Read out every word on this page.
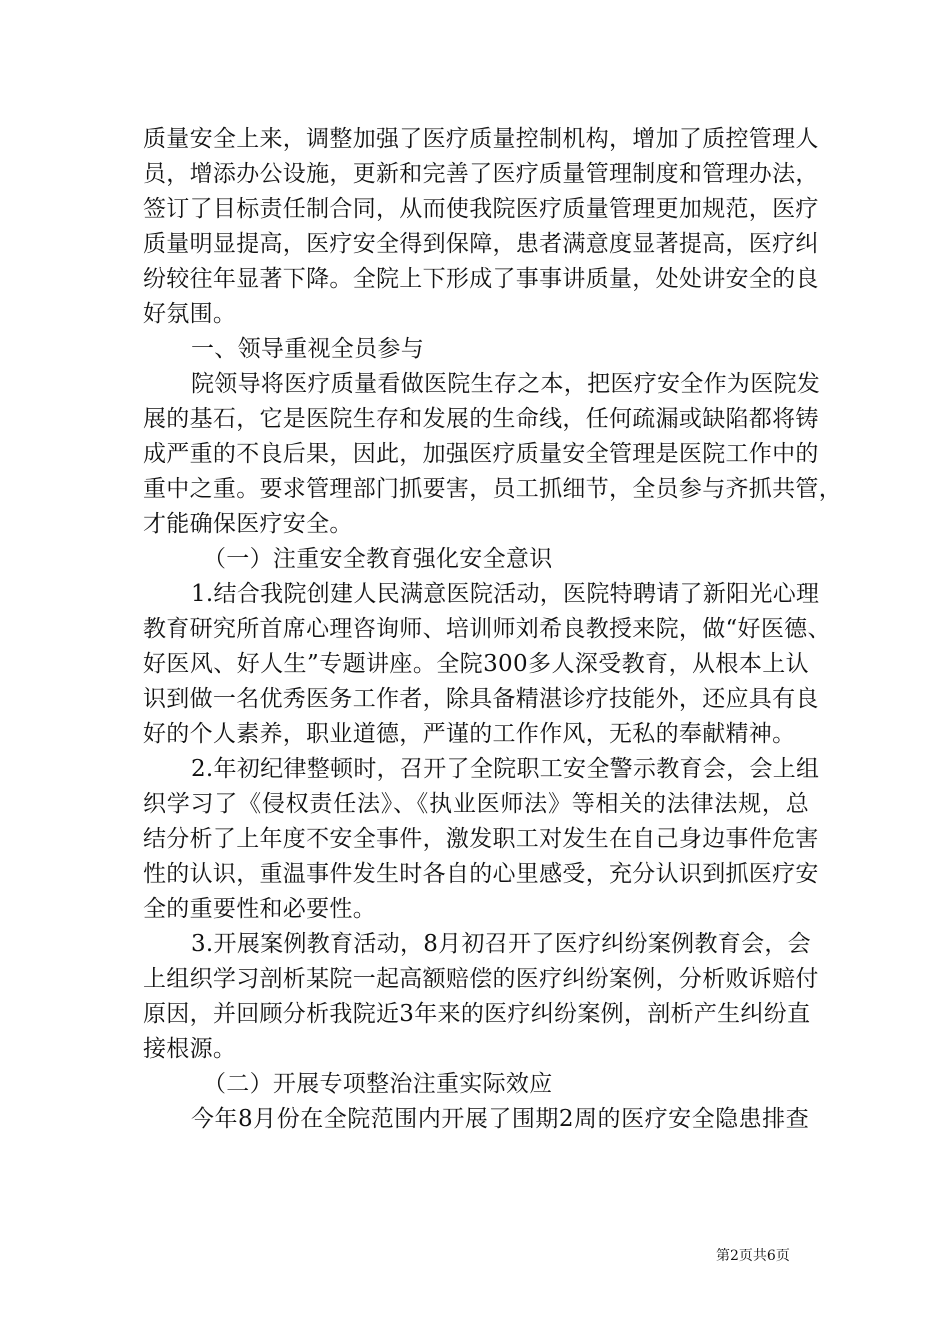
质量安全上来，调整加强了医疗质量控制机构，增加了质控管理人
员，增添办公设施，更新和完善了医疗质量管理制度和管理办法，
签订了目标责任制合同，从而使我院医疗质量管理更加规范，医疗
质量明显提高，医疗安全得到保障，患者满意度显著提高，医疗纠
纷较往年显著下降。全院上下形成了事事讲质量，处处讲安全的良
好氛围。
一、领导重视全员参与
院领导将医疗质量看做医院生存之本，把医疗安全作为医院发
展的基石，它是医院生存和发展的生命线，任何疏漏或缺陷都将铸
成严重的不良后果，因此，加强医疗质量安全管理是医院工作中的
重中之重。要求管理部门抓要害，员工抓细节，全员参与齐抓共管，
才能确保医疗安全。
（一）注重安全教育强化安全意识
1.结合我院创建人民满意医院活动，医院特聘请了新阳光心理
教育研究所首席心理咨询师、培训师刘希良教授来院，做“好医德、
好医风、好人生”专题讲座。全院300多人深受教育，从根本上认
识到做一名优秀医务工作者，除具备精湛诊疗技能外，还应具有良
好的个人素养，职业道德，严谨的工作作风，无私的奉献精神。
2.年初纪律整顿时，召开了全院职工安全警示教育会，会上组
织学习了《侵权责任法》、《执业医师法》等相关的法律法规，总
结分析了上年度不安全事件，激发职工对发生在自己身边事件危害
性的认识，重温事件发生时各自的心里感受，充分认识到抓医疗安
全的重要性和必要性。
3.开展案例教育活动，8月初召开了医疗纠纷案例教育会，会
上组织学习剖析某院一起高额赔偿的医疗纠纷案例，分析败诉赔付
原因，并回顾分析我院近3年来的医疗纠纷案例，剖析产生纠纷直
接根源。
（二）开展专项整治注重实际效应
今年8月份在全院范围内开展了围期2周的医疗安全隐患排查
第2页共6页
